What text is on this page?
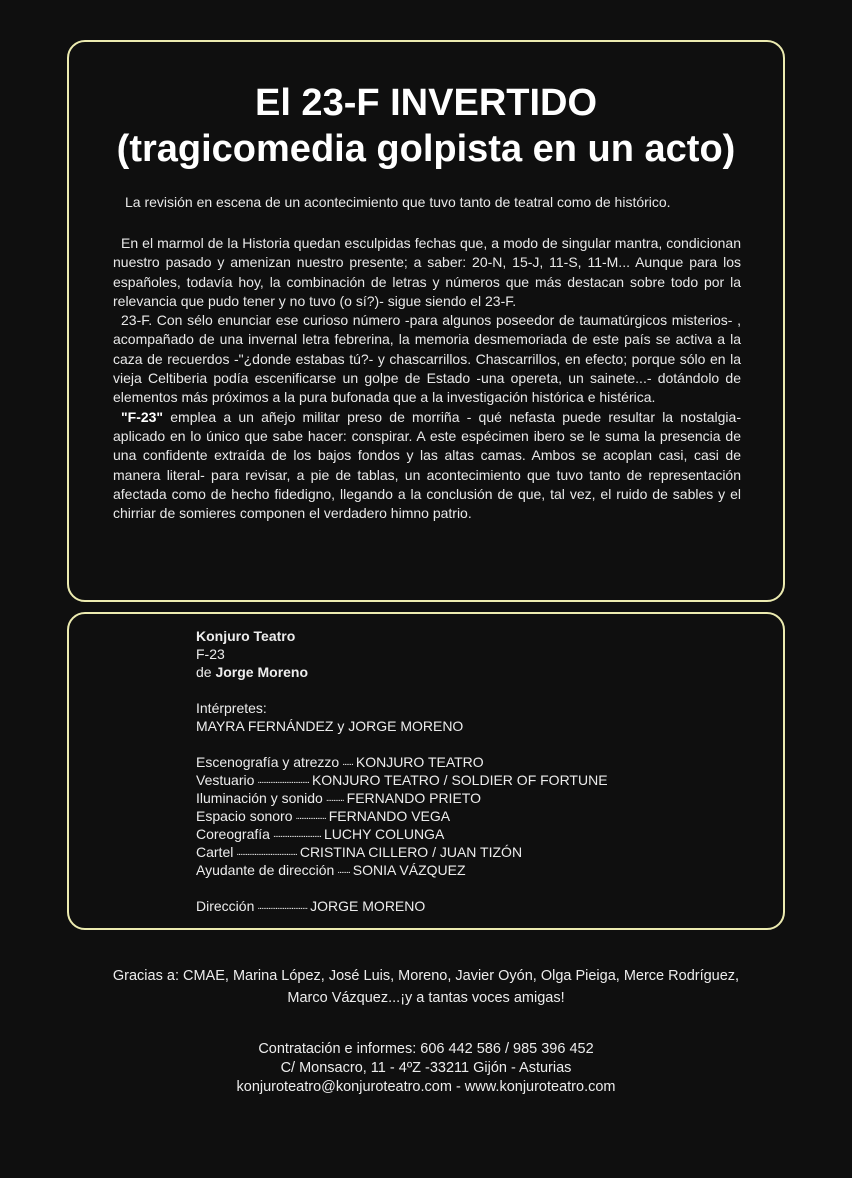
El 23-F INVERTIDO
(tragicomedia golpista en un acto)
La revisión en escena de un acontecimiento que tuvo tanto de teatral como de histórico.

En el marmol de la Historia quedan esculpidas fechas que, a modo de singular mantra, condicionan nuestro pasado y amenizan nuestro presente; a saber: 20-N, 15-J, 11-S, 11-M... Aunque para los españoles, todavía hoy, la combinación de letras y números que más destacan sobre todo por la relevancia que pudo tener y no tuvo (o sí?)- sigue siendo el 23-F.

23-F. Con sélo enunciar ese curioso número -para algunos poseedor de taumatúrgicos misterios- , acompañado de una invernal letra febrerina, la memoria desmemoriada de este país se activa a la caza de recuerdos -"¿donde estabas tú?- y chascarrillos. Chascarrillos, en efecto; porque sólo en la vieja Celtiberia podía escenificarse un golpe de Estado -una opereta, un sainete...- dotándolo de elementos más próximos a la pura bufonada que a la investigación histórica e histérica.

"F-23" emplea a un añejo militar preso de morriña - qué nefasta puede resultar la nostalgia- aplicado en lo único que sabe hacer: conspirar. A este espécimen ibero se le suma la presencia de una confidente extraída de los bajos fondos y las altas camas. Ambos se acoplan casi, casi de manera literal- para revisar, a pie de tablas, un acontecimiento que tuvo tanto de representación afectada como de hecho fidedigno, llegando a la conclusión de que, tal vez, el ruido de sables y el chirriar de somieres componen el verdadero himno patrio.

Konjuro Teatro
F-23
de Jorge Moreno
Intérpretes:
MAYRA FERNÁNDEZ y JORGE MORENO
Escenografía y atrezzo ...... KONJURO TEATRO
Vestuario ............................. KONJURO TEATRO / SOLDIER OF FORTUNE
Iluminación y sonido .......... FERNANDO PRIETO
Espacio sonoro ................. FERNANDO VEGA
Coreografía ........................... LUCHY COLUNGA
Cartel .................................. CRISTINA CILLERO / JUAN TIZÓN
Ayudante de dirección ....... SONIA VÁZQUEZ
Dirección ............................ JORGE MORENO
Gracias a: CMAE, Marina López, José Luis, Moreno, Javier Oyón, Olga Pieiga, Merce Rodríguez,
Marco Vázquez...¡y a tantas voces amigas!
Contratación e informes: 606 442 586 / 985 396 452
C/ Monsacro, 11 - 4ºZ -33211 Gijón - Asturias
konjuroteatro@konjuroteatro.com - www.konjuroteatro.com
